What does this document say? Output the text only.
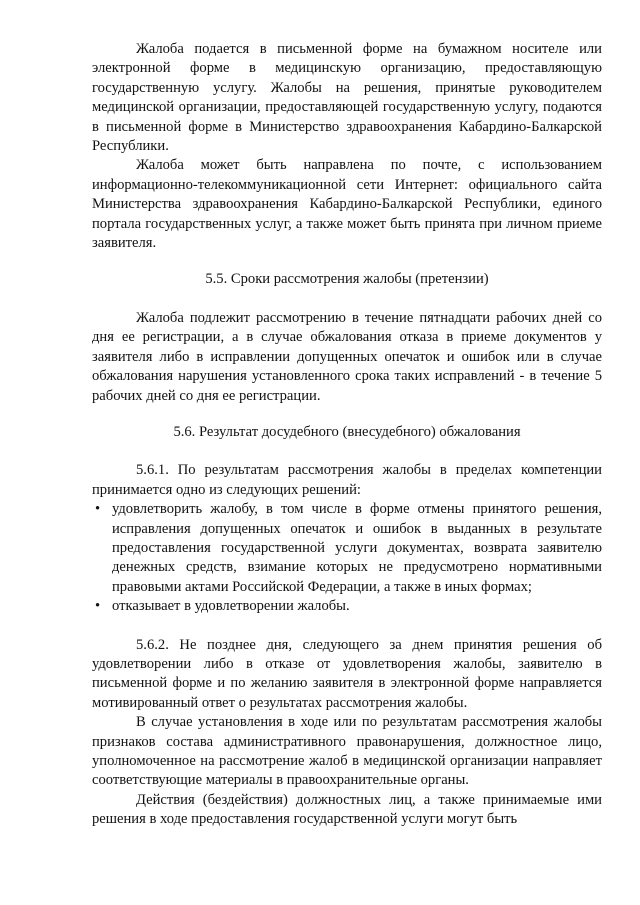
Жалоба подается в письменной форме на бумажном носителе или электронной форме в медицинскую организацию, предоставляющую государственную услугу. Жалобы на решения, принятые руководителем медицинской организации, предоставляющей государственную услугу, подаются в письменной форме в Министерство здравоохранения Кабардино-Балкарской Республики.

Жалоба может быть направлена по почте, с использованием информационно-телекоммуникационной сети Интернет: официального сайта Министерства здравоохранения Кабардино-Балкарской Республики, единого портала государственных услуг, а также может быть принята при личном приеме заявителя.

5.5. Сроки рассмотрения жалобы (претензии)

Жалоба подлежит рассмотрению в течение пятнадцати рабочих дней со дня ее регистрации, а в случае обжалования отказа в приеме документов у заявителя либо в исправлении допущенных опечаток и ошибок или в случае обжалования нарушения установленного срока таких исправлений - в течение 5 рабочих дней со дня ее регистрации.

5.6. Результат досудебного (внесудебного) обжалования

5.6.1. По результатам рассмотрения жалобы в пределах компетенции принимается одно из следующих решений:

• удовлетворить жалобу, в том числе в форме отмены принятого решения, исправления допущенных опечаток и ошибок в выданных в результате предоставления государственной услуги документах, возврата заявителю денежных средств, взимание которых не предусмотрено нормативными правовыми актами Российской Федерации, а также в иных формах;
• отказывает в удовлетворении жалобы.

5.6.2. Не позднее дня, следующего за днем принятия решения об удовлетворении либо в отказе от удовлетворения жалобы, заявителю в письменной форме и по желанию заявителя в электронной форме направляется мотивированный ответ о результатах рассмотрения жалобы.

В случае установления в ходе или по результатам рассмотрения жалобы признаков состава административного правонарушения, должностное лицо, уполномоченное на рассмотрение жалоб в медицинской организации направляет соответствующие материалы в правоохранительные органы.

Действия (бездействия) должностных лиц, а также принимаемые ими решения в ходе предоставления государственной услуги могут быть
